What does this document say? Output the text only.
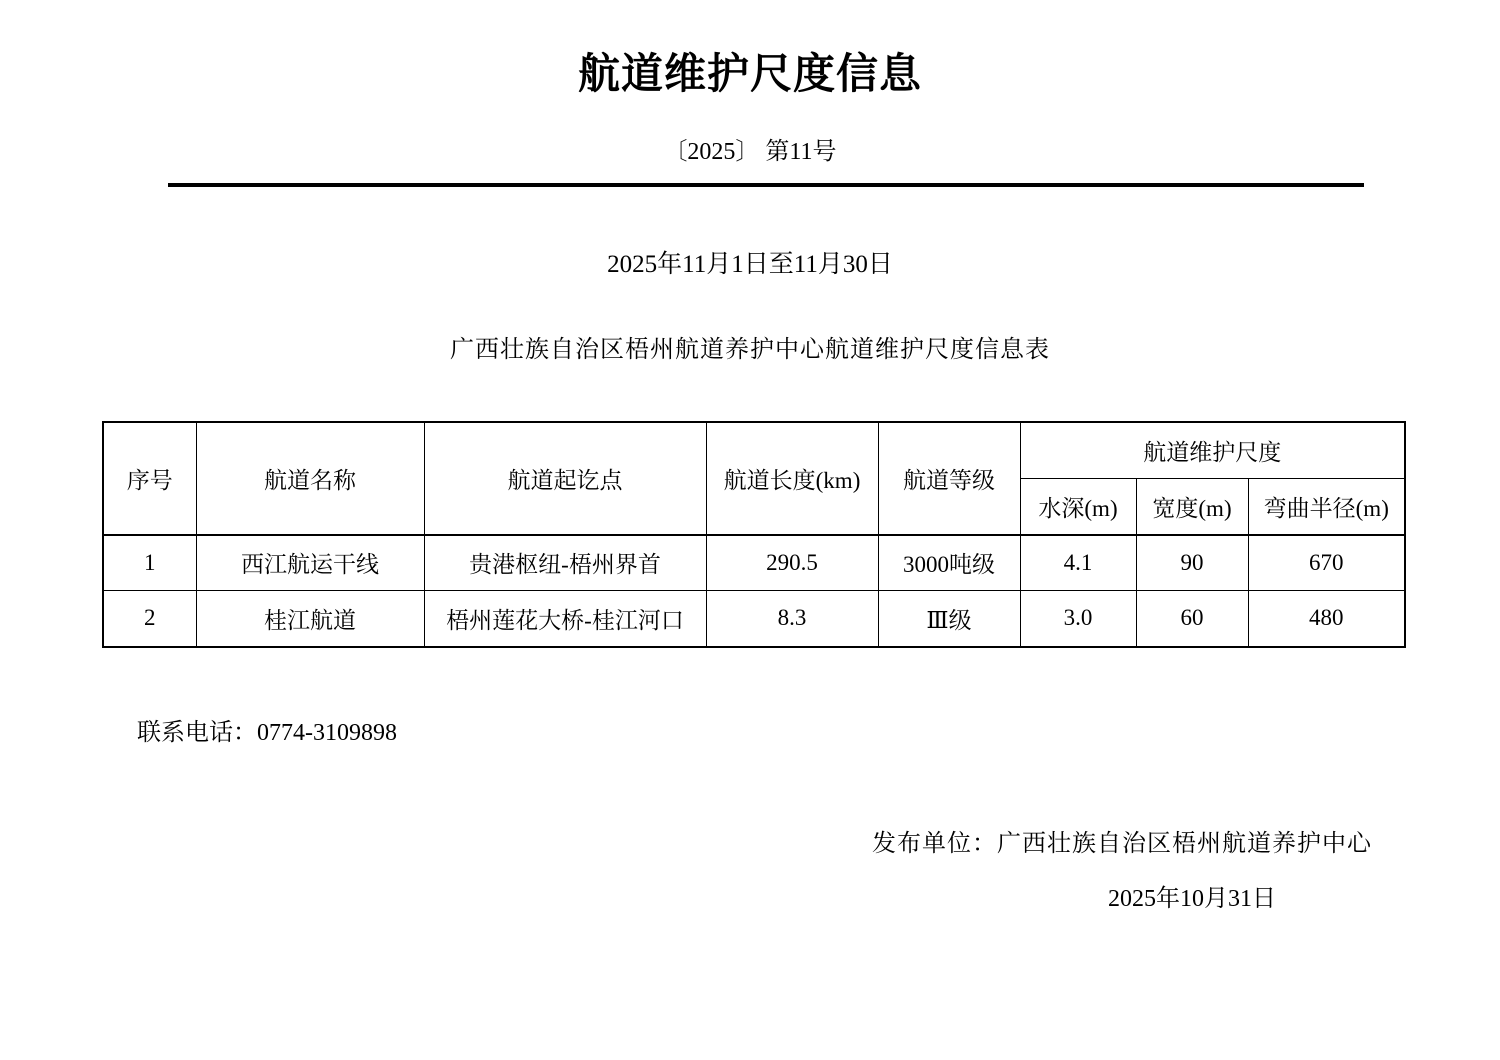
航道维护尺度信息
〔2025〕 第11号
2025年11月1日至11月30日
广西壮族自治区梧州航道养护中心航道维护尺度信息表
序号	航道名称	航道起讫点	航道长度(km)	航道等级	航道维护尺度		
					水深(m)	宽度(m)	弯曲半径(m)
1	西江航运干线	贵港枢纽-梧州界首	290.5	3000吨级	4.1	90	670
2	桂江航道	梧州莲花大桥-桂江河口	8.3	Ⅲ级	3.0	60	480
联系电话：0774-3109898
发布单位：广西壮族自治区梧州航道养护中心
2025年10月31日
